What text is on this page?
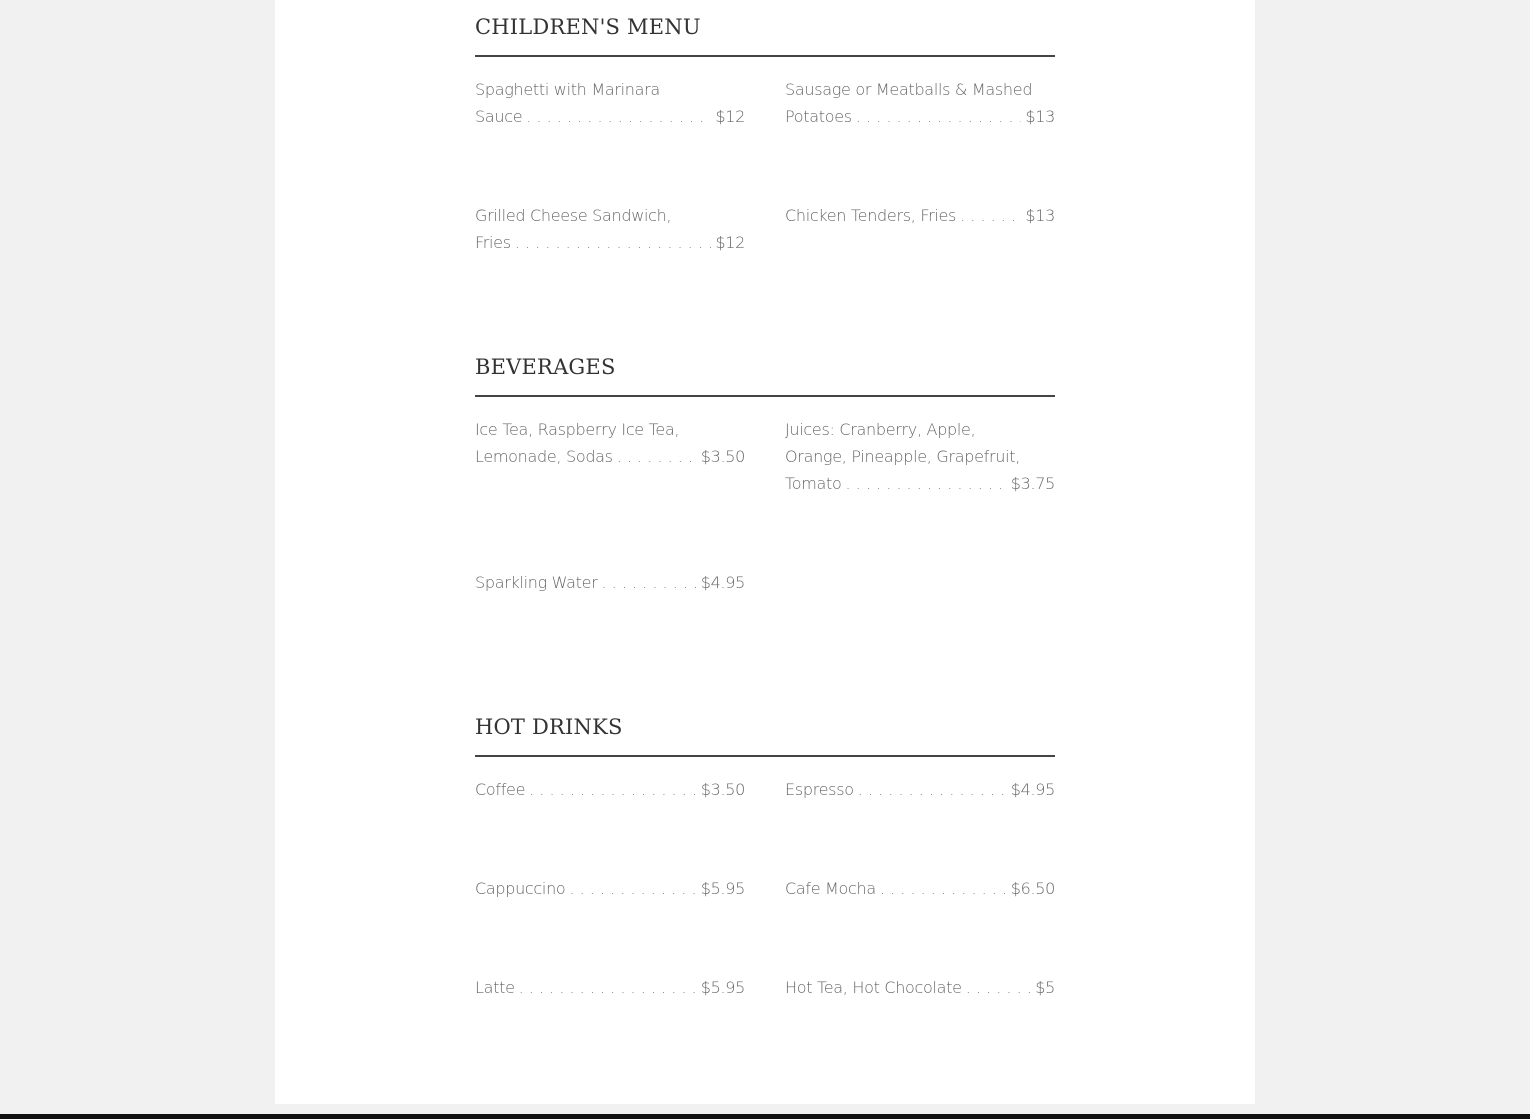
CHILDREN'S MENU
Spaghetti with Marinara
Sauce . . .	$12
Sausage or Meatballs & Mashed
Potatoes . . .	$13
Grilled Cheese Sandwich,
Fries . . .	$12
Chicken Tenders, Fries . . .	$13
BEVERAGES
Ice Tea, Raspberry Ice Tea,
Lemonade, Sodas . . .	$3.50
Juices: Cranberry, Apple,
Orange, Pineapple, Grapefruit,
Tomato . . .	$3.75
Sparkling Water . . .	$4.95
HOT DRINKS
Coffee . . .	$3.50	Espresso . . .	$4.95
Cappuccino . . .	$5.95	Cafe Mocha . . .	$6.50
Latte . . .	$5.95	Hot Tea, Hot Chocolate . . .	$5
